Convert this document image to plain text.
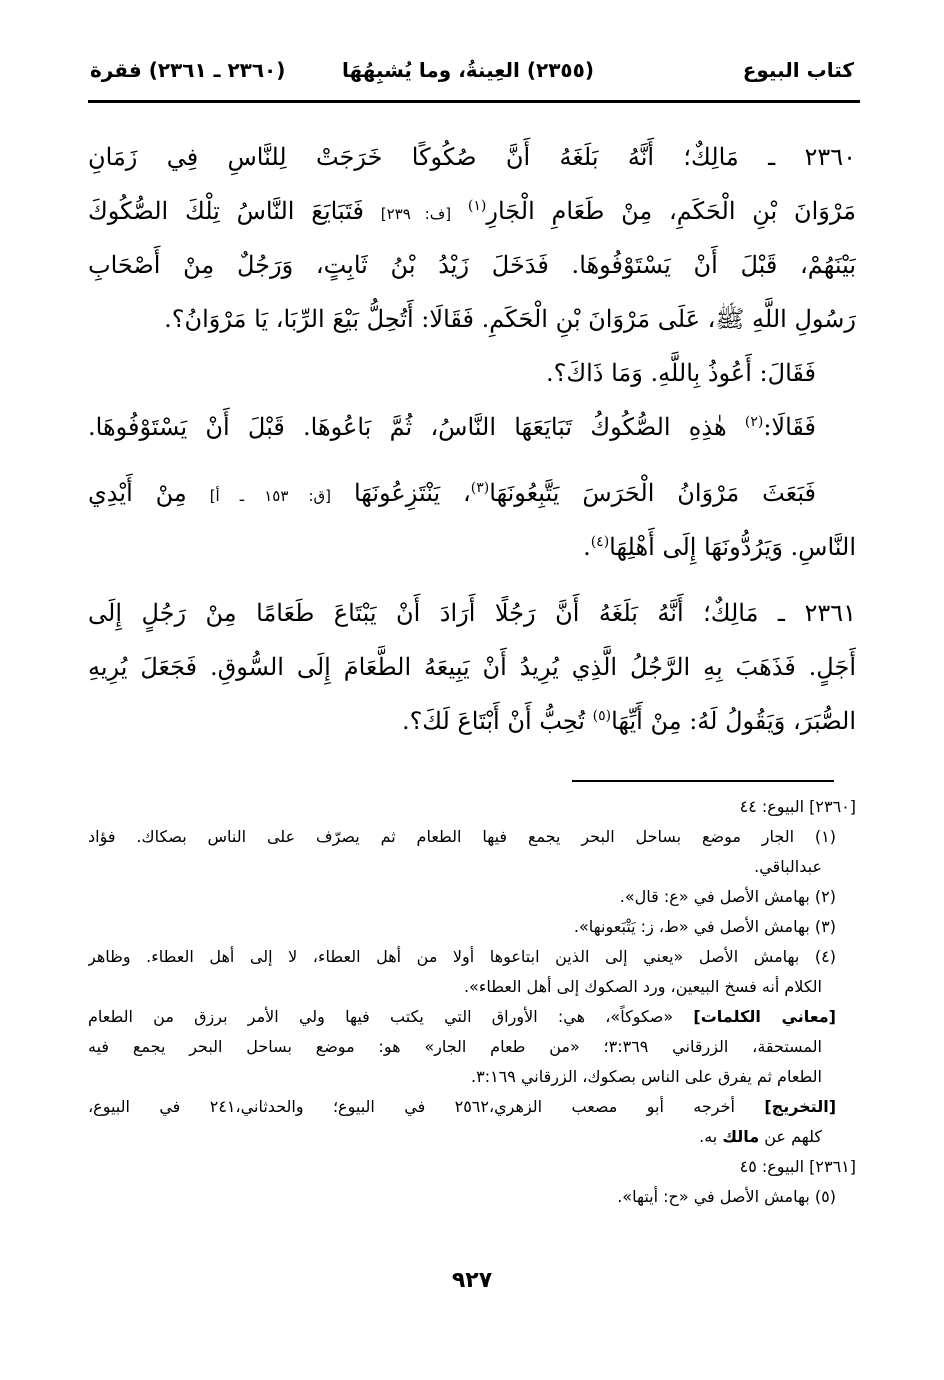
كتاب البيوع
(٢٣٥٥) العِينةُ، وما يُشبِهُهَا
(٢٣٦٠ ـ ٢٣٦١) فقرة
٢٣٦٠ ـ مَالِكٌ؛ أَنَّهُ بَلَغَهُ أَنَّ صُكُوكًا خَرَجَتْ لِلنَّاسِ فِي زَمَانِ
مَرْوَانَ بْنِ الْحَكَمِ، مِنْ طَعَامِ الْجَارِ$^{(١)}$ [ف: ٢٣٩] فَتَبَايَعَ النَّاسُ تِلْكَ الصُّكُوكَ
بَيْنَهُمْ، قَبْلَ أَنْ يَسْتَوْفُوهَا. فَدَخَلَ زَيْدُ بْنُ ثَابِتٍ، وَرَجُلٌ مِنْ أَصْحَابِ
رَسُولِ اللَّهِ ﷺ، عَلَى مَرْوَانَ بْنِ الْحَكَمِ. فَقَالَا: أَتُحِلُّ بَيْعَ الرِّبَا، يَا مَرْوَانُ؟.
فَقَالَ: أَعُوذُ بِاللَّهِ. وَمَا ذَاكَ؟.
فَقَالَا:$^{(٢)}$ هٰذِهِ الصُّكُوكُ تَبَايَعَهَا النَّاسُ، ثُمَّ بَاعُوهَا. قَبْلَ أَنْ يَسْتَوْفُوهَا.
فَبَعَثَ مَرْوَانُ الْحَرَسَ يَتَّبِعُونَهَا$^{(٣)}$، يَنْتَزِعُونَهَا [ق: ١٥٣ ـ أ] مِنْ أَيْدِي
النَّاسِ. وَيَرُدُّونَهَا إِلَى أَهْلِهَا$^{(٤)}$.
٢٣٦١ ـ مَالِكٌ؛ أَنَّهُ بَلَغَهُ أَنَّ رَجُلًا أَرَادَ أَنْ يَبْتَاعَ طَعَامًا مِنْ رَجُلٍ إِلَى
أَجَلٍ. فَذَهَبَ بِهِ الرَّجُلُ الَّذِي يُرِيدُ أَنْ يَبِيعَهُ الطَّعَامَ إِلَى السُّوقِ. فَجَعَلَ يُرِيهِ
الصُّبَرَ، وَيَقُولُ لَهُ: مِنْ أَيِّهَا$^{(٥)}$ تُحِبُّ أَنْ أَبْتَاعَ لَكَ؟.
[٢٣٦٠] البيوع: ٤٤
(١) الجار موضع بساحل البحر يجمع فيها الطعام ثم يصرّف على الناس بصكاك. فؤاد
عبدالباقي.
(٢) بهامش الأصل في «ع: قال».
(٣) بهامش الأصل في «ط، ز: يَتْبَعونها».
(٤) بهامش الأصل «يعني إلى الذين ابتاعوها أولا من أهل العطاء، لا إلى أهل العطاء. وظاهر
الكلام أنه فسخ البيعين، ورد الصكوك إلى أهل العطاء».
[معاني الكلمات] «صكوكاً»، هي: الأوراق التي يكتب فيها ولي الأمر برزق من الطعام
المستحقة، الزرقاني ٣:٣٦٩؛ «من طعام الجار» هو: موضع بساحل البحر يجمع فيه
الطعام ثم يفرق على الناس بصكوك، الزرقاني ٣:١٦٩.
[التخريج] أخرجه أبو مصعب الزهري،٢٥٦٢ في البيوع؛ والحدثاني،٢٤١ في البيوع،
كلهم عن مالك به.
[٢٣٦١] البيوع: ٤٥
(٥) بهامش الأصل في «ح: أيتها».
٩٢٧
